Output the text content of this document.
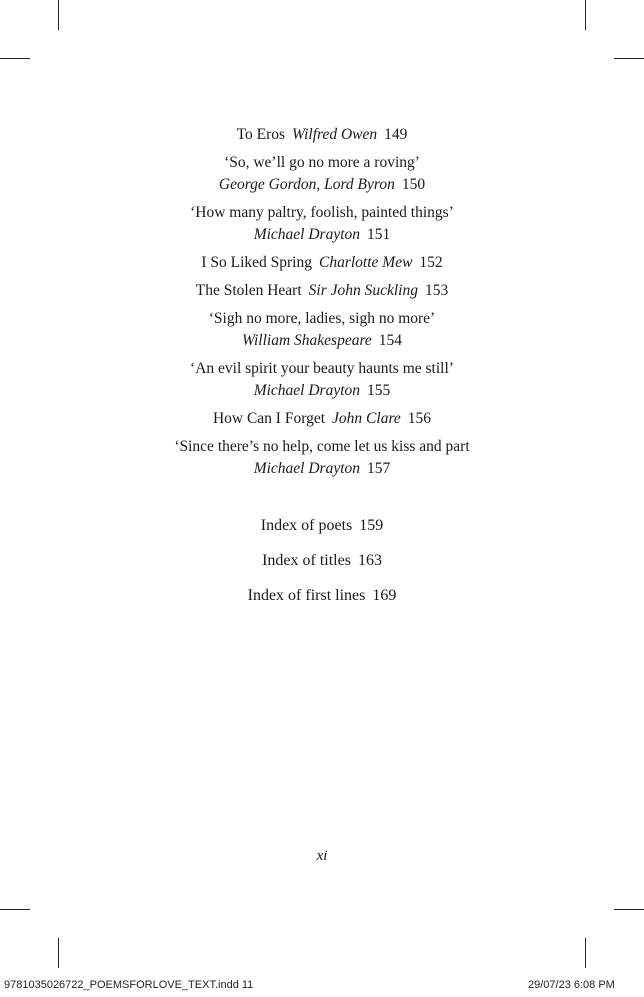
To Eros Wilfred Owen 149
‘So, we’ll go no more a roving’
George Gordon, Lord Byron 150
‘How many paltry, foolish, painted things’
Michael Drayton 151
I So Liked Spring Charlotte Mew 152
The Stolen Heart Sir John Suckling 153
‘Sigh no more, ladies, sigh no more’
William Shakespeare 154
‘An evil spirit your beauty haunts me still’
Michael Drayton 155
How Can I Forget John Clare 156
‘Since there’s no help, come let us kiss and part
Michael Drayton 157
Index of poets 159
Index of titles 163
Index of first lines 169
xi
9781035026722_POEMSFORLOVE_TEXT.indd 11	29/07/23 6:08 PM
